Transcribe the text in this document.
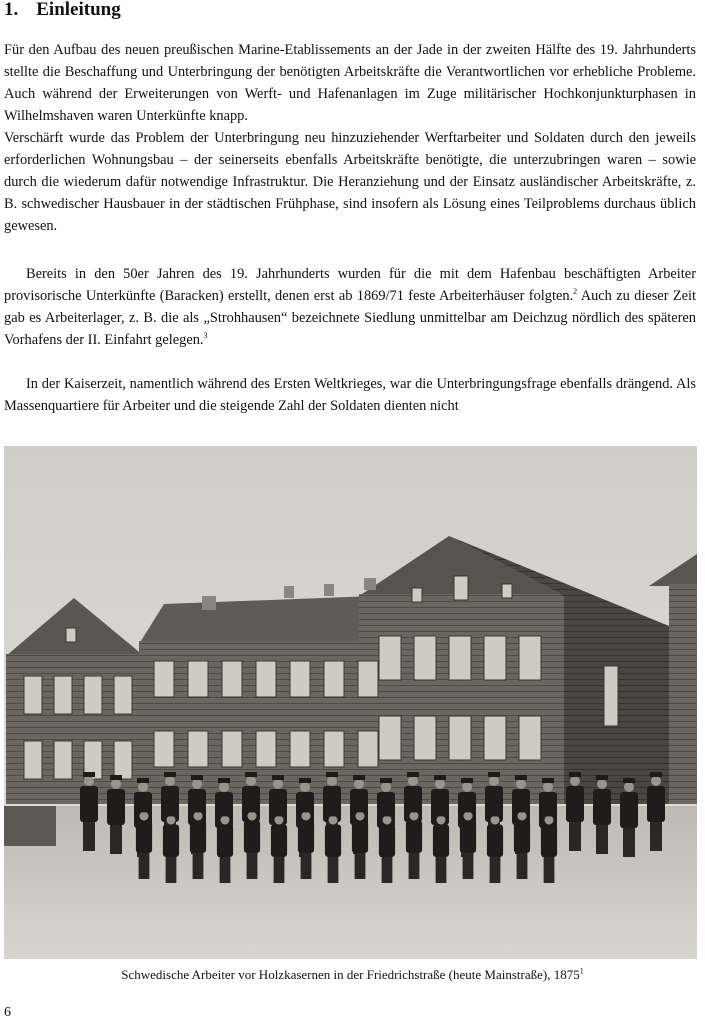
1. Einleitung

Für den Aufbau des neuen preußischen Marine-Etablissements an der Jade in der zweiten Hälfte des 19. Jahrhunderts stellte die Beschaffung und Unterbringung der benötigten Arbeitskräfte die Verantwortlichen vor erhebliche Probleme. Auch während der Erweiterungen von Werft- und Hafenanlagen im Zuge militärischer Hochkonjunkturphasen in Wilhelmshaven waren Unterkünfte knapp.

Verschärft wurde das Problem der Unterbringung neu hinzuziehender Werftarbeiter und Soldaten durch den jeweils erforderlichen Wohnungsbau – der seinerseits ebenfalls Arbeitskräfte benötigte, die unterzubringen waren – sowie durch die wiederum dafür notwendige Infrastruktur. Die Heranziehung und der Einsatz ausländischer Arbeitskräfte, z. B. schwedischer Hausbauer in der städtischen Frühphase, sind insofern als Lösung eines Teilproblems durchaus üblich gewesen.

Bereits in den 50er Jahren des 19. Jahrhunderts wurden für die mit dem Hafenbau beschäftigten Arbeiter provisorische Unterkünfte (Baracken) erstellt, denen erst ab 1869/71 feste Arbeiterhäuser folgten.$^2$ Auch zu dieser Zeit gab es Arbeiterlager, z. B. die als „Strohhausen“ bezeichnete Siedlung unmittelbar am Deichzug nördlich des späteren Vorhafens der II. Einfahrt gelegen.$^3$

In der Kaiserzeit, namentlich während des Ersten Weltkrieges, war die Unterbringungsfrage ebenfalls drängend. Als Massenquartiere für Arbeiter und die steigende Zahl der Soldaten dienten nicht

Schwedische Arbeiter vor Holzkasernen in der Friedrichstraße (heute Mainstraße), 1875$^1$
6
